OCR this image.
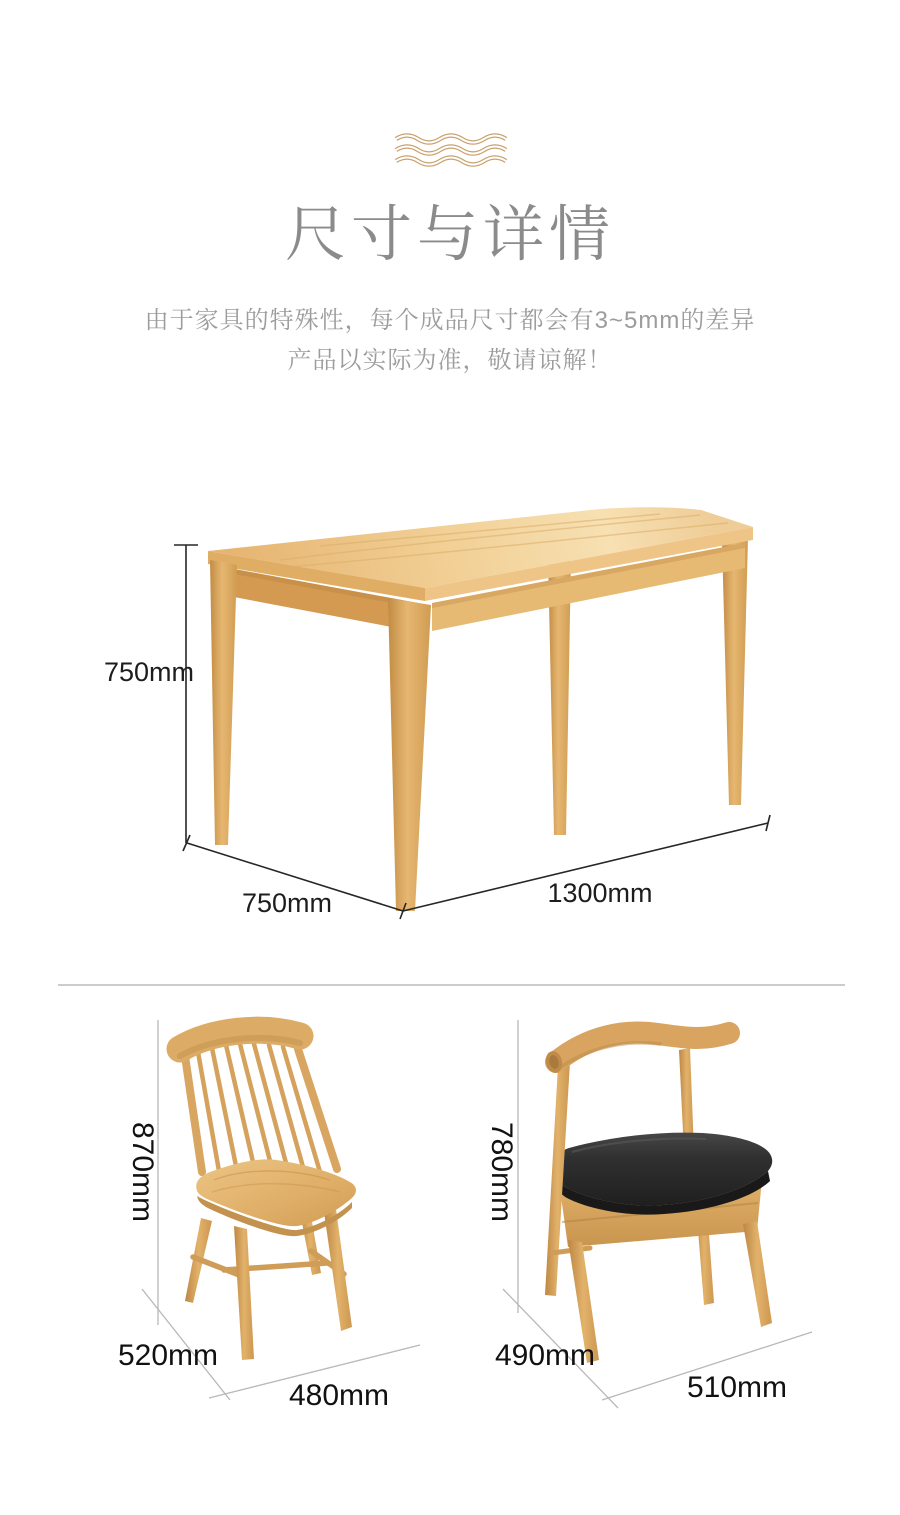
尺寸与详情
由于家具的特殊性，每个成品尺寸都会有3~5mm的差异
产品以实际为准，敬请谅解！
750mm
750mm	1300mm
870mm
520mm
480mm
780mm
490mm
510mm
